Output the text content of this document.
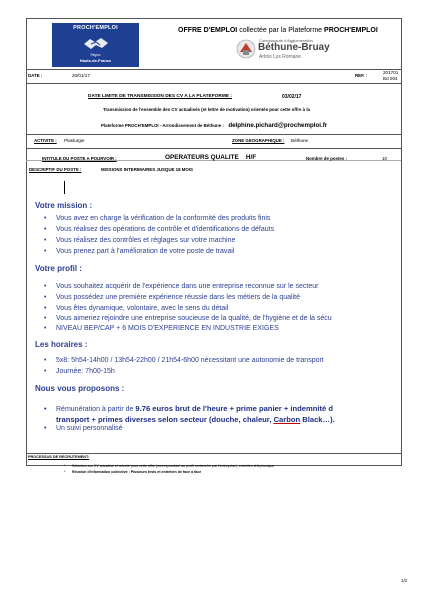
PROCH'EMPLOI
Région
Hauts-de-France
OFFRE D'EMPLOI collectée par la Plateforme PROCH'EMPLOI
Communauté d'Agglomération
Béthune-Bruay
Artois Lys Romane
DATE :	20/01/17	REF. :
201701
Bd 004
DATE LIMITE DE TRANSMISSION DES CV A LA PLATEFORME :	03/02/17
Transmission de l'ensemble des CV actualisés (et lettre de motivation) orientés pour cette offre à la
Plateforme PROCH'EMPLOI - Arrondissement de Béthune : delphine.pichard@prochemploi.fr
ACTIVITE : Plasturgie	ZONE GEOGRAPHIQUE : Béthune
INTITULE DU POSTE A POURVOIR :	OPERATEURS QUALITE    H/F	Nombre de postes :	10
DESCRIPTIF DU POSTE :	MISSIONS INTERIMAIRES JUSQUE 18 MOIS
Votre mission :
• Vous avez en charge la vérification de la conformité des produits finis
• Vous réalisez des opérations de contrôle et d'identifications de défauts
• Vous réalisez des contrôles et réglages sur votre machine
• Vous prenez part à l'amélioration de votre poste de travail
Votre profil :
• Vous souhaitez acquérir de l'expérience dans une entreprise reconnue sur le secteur
• Vous possédez une première expérience réussie dans les métiers de la qualité
• Vous êtes dynamique, volontaire, avec le sens du détail
• Vous aimeriez rejoindre une entreprise soucieuse de la qualité, de l'hygiène et de la sécu
• NIVEAU BEP/CAP + 6 MOIS D'EXPERIENCE EN INDUSTRIE EXIGES
Les horaires :
• 5x8: 5h54-14h00 / 13h54-22h00 / 21h54-6h00 nécessitant une autonomie de transport
• Journée: 7h00-15h
Nous vous proposons :
• Rémunération à partir de 9.76 euros brut de l'heure + prime panier + indemnité d
transport + primes diverses selon secteur (douche, chaleur, Carbon Black…).
• Un suivi personnalisé
PROCESSUS DE RECRUTEMENT:
* Sélection sur CV actualisé et orienté pour cette offre (correspondant au profil recherché par l'entreprise), entretien téléphonique
* Réunion d'information collective ; Plusieurs tests et entretien de face à face
1/2
